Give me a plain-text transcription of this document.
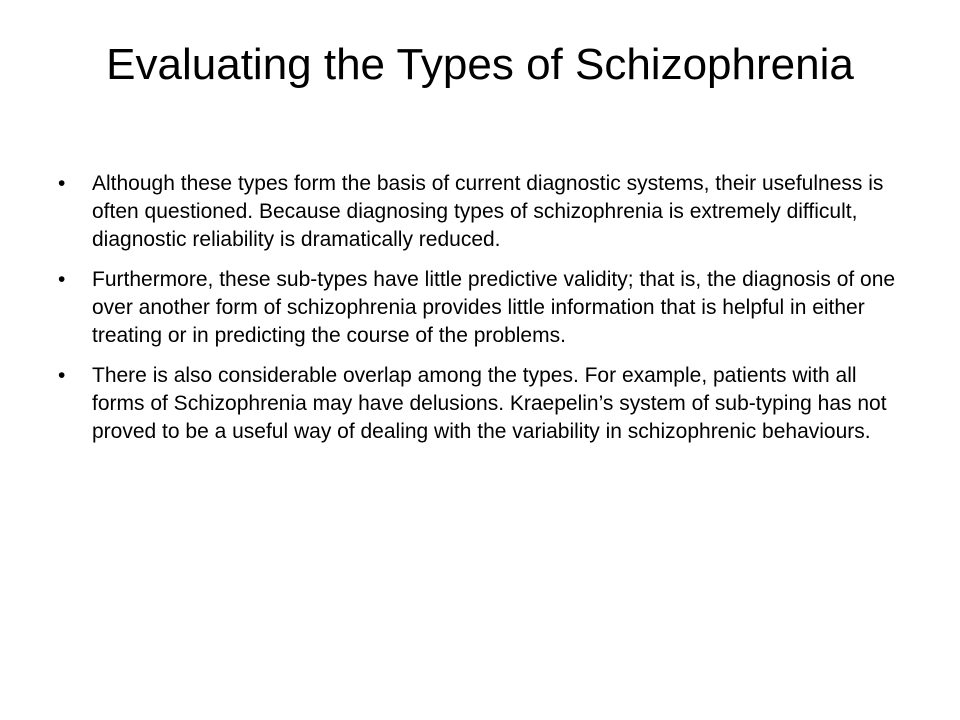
Evaluating the Types of Schizophrenia
•	Although these types form the basis of current diagnostic systems, their usefulness is often questioned. Because diagnosing types of schizophrenia is extremely difficult, diagnostic reliability is dramatically reduced.
•	Furthermore, these sub-types have little predictive validity; that is, the diagnosis of one over another form of schizophrenia provides little information that is helpful in either treating or in predicting the course of the problems.
•	There is also considerable overlap among the types. For example, patients with all forms of Schizophrenia may have delusions. Kraepelin’s system of sub-typing has not proved to be a useful way of dealing with the variability in schizophrenic behaviours.
